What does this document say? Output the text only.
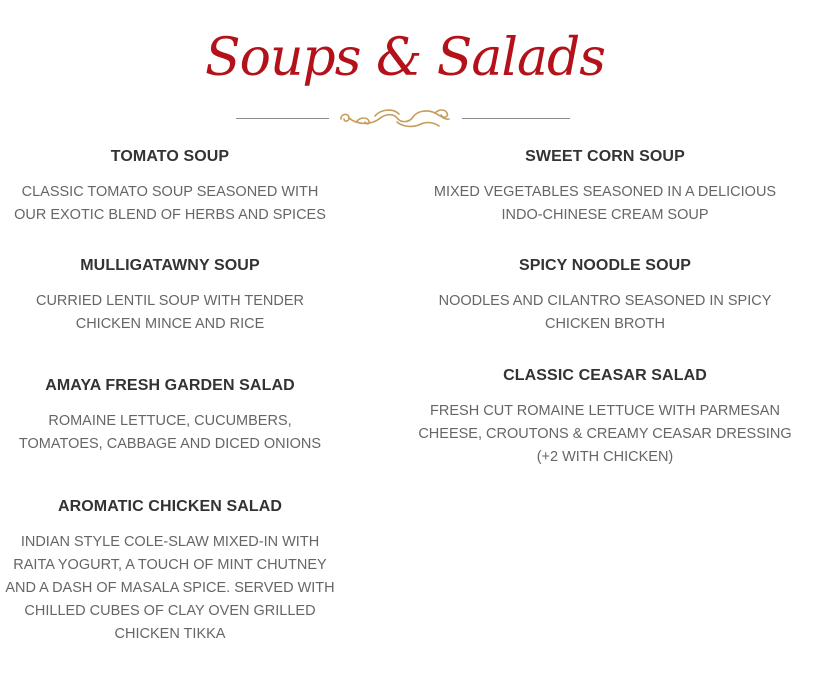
Soups & Salads
TOMATO SOUP
CLASSIC TOMATO SOUP SEASONED WITH OUR EXOTIC BLEND OF HERBS AND SPICES
MULLIGATAWNY SOUP
CURRIED LENTIL SOUP WITH TENDER CHICKEN MINCE AND RICE
AMAYA FRESH GARDEN SALAD
ROMAINE LETTUCE, CUCUMBERS, TOMATOES, CABBAGE AND DICED ONIONS
AROMATIC CHICKEN SALAD
INDIAN STYLE COLE-SLAW MIXED-IN WITH RAITA YOGURT, A TOUCH OF MINT CHUTNEY AND A DASH OF MASALA SPICE. SERVED WITH CHILLED CUBES OF CLAY OVEN GRILLED CHICKEN TIKKA
SWEET CORN SOUP
MIXED VEGETABLES SEASONED IN A DELICIOUS INDO-CHINESE CREAM SOUP
SPICY NOODLE SOUP
NOODLES AND CILANTRO SEASONED IN SPICY CHICKEN BROTH
CLASSIC CEASAR SALAD
FRESH CUT ROMAINE LETTUCE WITH PARMESAN CHEESE, CROUTONS & CREAMY CEASAR DRESSING (+2 WITH CHICKEN)
